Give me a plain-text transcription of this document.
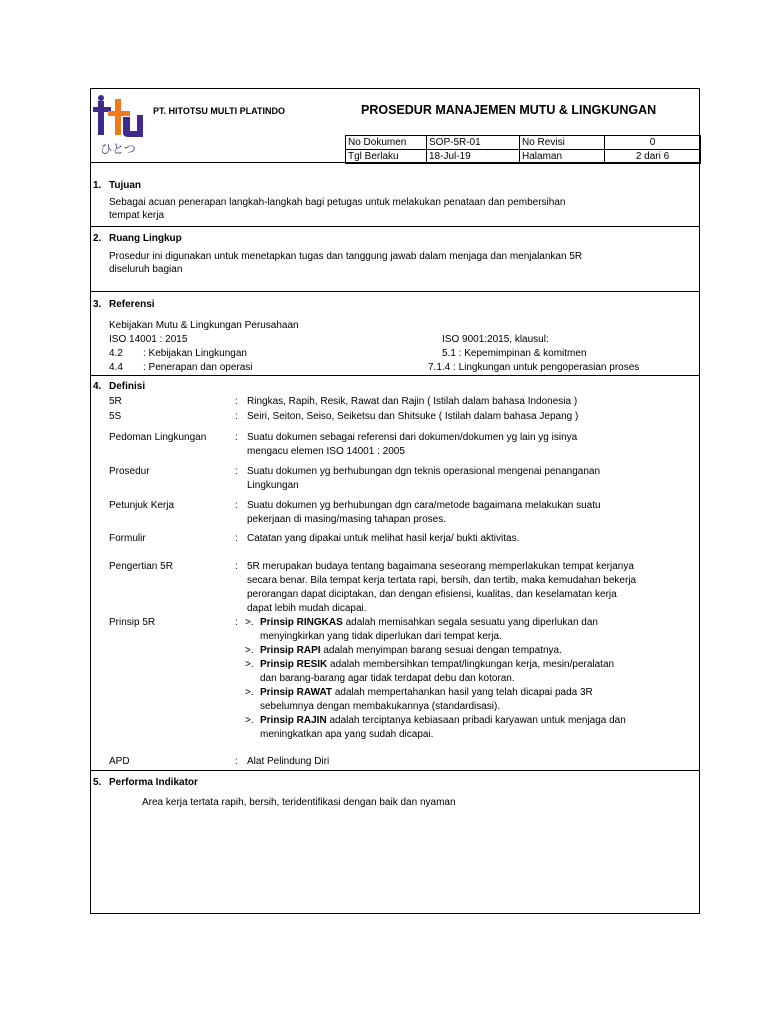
ひとつ
PT. HITOTSU MULTI PLATINDO	PROSEDUR MANAJEMEN MUTU & LINGKUNGAN
No Dokumen	SOP-5R-01	No Revisi	0
Tgl Berlaku	18-Jul-19	Halaman	2 dari 6
1. Tujuan
Sebagai acuan penerapan langkah-langkah bagi petugas untuk melakukan penataan dan pembersihan
tempat kerja
2. Ruang Lingkup
Prosedur ini digunakan untuk menetapkan tugas dan tanggung jawab dalam menjaga dan menjalankan 5R
diseluruh bagian
3. Referensi
Kebijakan Mutu & Lingkungan Perusahaan
ISO 14001 : 2015	ISO 9001:2015, klausul:
4.2 : Kebijakan Lingkungan	5.1 : Kepemimpinan & komitmen
4.4 : Penerapan dan operasi	7.1.4 : Lingkungan untuk pengoperasian proses
4. Definisi
5R	: Ringkas, Rapih, Resik, Rawat dan Rajin ( Istilah dalam bahasa Indonesia )
5S	: Seiri, Seiton, Seiso, Seiketsu dan Shitsuke ( Istilah dalam bahasa Jepang )
Pedoman Lingkungan	: Suatu dokumen sebagai referensi dari dokumen/dokumen yg lain yg isinya
mengacu elemen ISO 14001 : 2005
Prosedur	: Suatu dokumen yg berhubungan dgn teknis operasional mengenai penanganan
Lingkungan
Petunjuk Kerja	: Suatu dokumen yg berhubungan dgn cara/metode bagaimana melakukan suatu
pekerjaan di masing/masing tahapan proses.
Formulir	: Catatan yang dipakai untuk melihat hasil kerja/ bukti aktivitas.
Pengertian 5R	: 5R merupakan budaya tentang bagaimana seseorang memperlakukan tempat kerjanya
secara benar. Bila tempat kerja tertata rapi, bersih, dan tertib, maka kemudahan bekerja
perorangan dapat diciptakan, dan dengan efisiensi, kualitas, dan keselamatan kerja
dapat lebih mudah dicapai.
Prinsip 5R	: >. Prinsip RINGKAS adalah memisahkan segala sesuatu yang diperlukan dan
menyingkirkan yang tidak diperlukan dari tempat kerja.
>. Prinsip RAPI adalah menyimpan barang sesuai dengan tempatnya.
>. Prinsip RESIK adalah membersihkan tempat/lingkungan kerja, mesin/peralatan
dan barang-barang agar tidak terdapat debu dan kotoran.
>. Prinsip RAWAT adalah mempertahankan hasil yang telah dicapai pada 3R
sebelumnya dengan membakukannya (standardisasi).
>. Prinsip RAJIN adalah terciptanya kebiasaan pribadi karyawan untuk menjaga dan
meningkatkan apa yang sudah dicapai.
APD	: Alat Pelindung Diri
5. Performa Indikator
Area kerja tertata rapih, bersih, teridentifikasi dengan baik dan nyaman
